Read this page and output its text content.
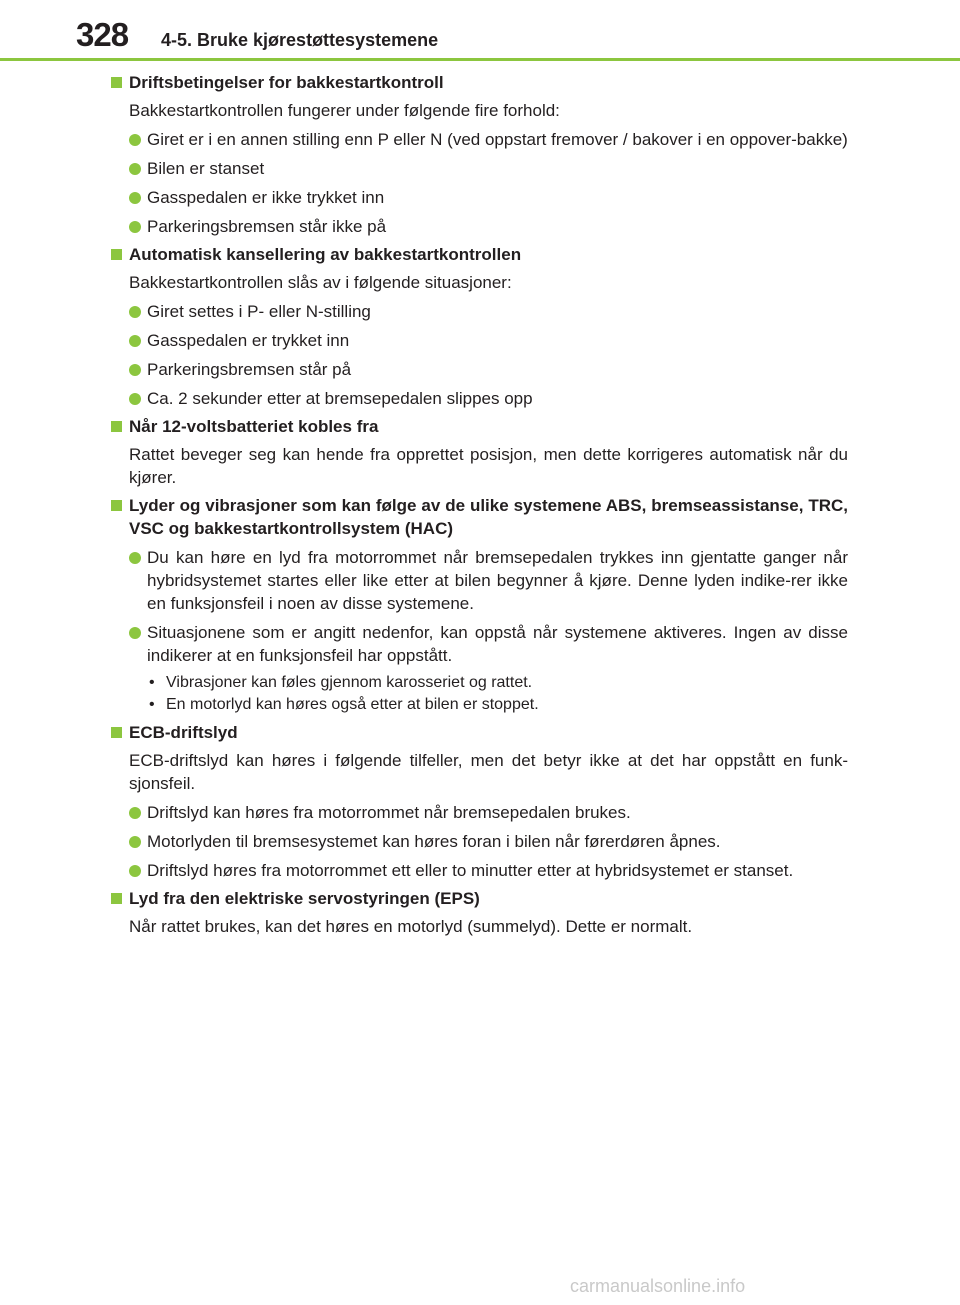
328 4-5. Bruke kjørestøttesystemene
Driftsbetingelser for bakkestartkontroll
Bakkestartkontrollen fungerer under følgende fire forhold:
Giret er i en annen stilling enn P eller N (ved oppstart fremover / bakover i en oppover-bakke)
Bilen er stanset
Gasspedalen er ikke trykket inn
Parkeringsbremsen står ikke på
Automatisk kansellering av bakkestartkontrollen
Bakkestartkontrollen slås av i følgende situasjoner:
Giret settes i P- eller N-stilling
Gasspedalen er trykket inn
Parkeringsbremsen står på
Ca. 2 sekunder etter at bremsepedalen slippes opp
Når 12-voltsbatteriet kobles fra
Rattet beveger seg kan hende fra opprettet posisjon, men dette korrigeres automatisk når du kjører.
Lyder og vibrasjoner som kan følge av de ulike systemene ABS, bremseassistanse, TRC, VSC og bakkestartkontrollsystem (HAC)
Du kan høre en lyd fra motorrommet når bremsepedalen trykkes inn gjentatte ganger når hybridsystemet startes eller like etter at bilen begynner å kjøre. Denne lyden indike-rer ikke en funksjonsfeil i noen av disse systemene.
Situasjonene som er angitt nedenfor, kan oppstå når systemene aktiveres. Ingen av disse indikerer at en funksjonsfeil har oppstått.
• Vibrasjoner kan føles gjennom karosseriet og rattet.
• En motorlyd kan høres også etter at bilen er stoppet.
ECB-driftslyd
ECB-driftslyd kan høres i følgende tilfeller, men det betyr ikke at det har oppstått en funk-sjonsfeil.
Driftslyd kan høres fra motorrommet når bremsepedalen brukes.
Motorlyden til bremsesystemet kan høres foran i bilen når førerdøren åpnes.
Driftslyd høres fra motorrommet ett eller to minutter etter at hybridsystemet er stanset.
Lyd fra den elektriske servostyringen (EPS)
Når rattet brukes, kan det høres en motorlyd (summelyd). Dette er normalt.
carmanualsonline.info
